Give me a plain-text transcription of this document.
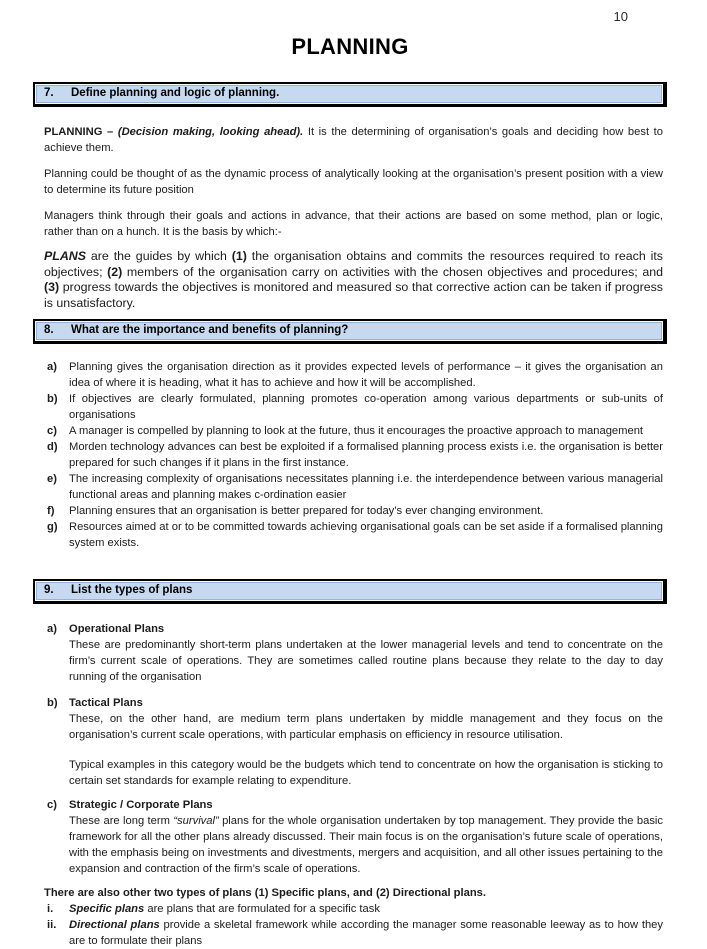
10
PLANNING
7.	Define planning and logic of planning.

PLANNING – (Decision making, looking ahead). It is the determining of organisation’s goals and deciding how best to achieve them.

Planning could be thought of as the dynamic process of analytically looking at the organisation’s present position with a view to determine its future position

Managers think through their goals and actions in advance, that their actions are based on some method, plan or logic, rather than on a hunch. It is the basis by which:-

PLANS are the guides by which (1) the organisation obtains and commits the resources required to reach its objectives; (2) members of the organisation carry on activities with the chosen objectives and procedures; and (3) progress towards the objectives is monitored and measured so that corrective action can be taken if progress is unsatisfactory.

8.	What are the importance and benefits of planning?
a)	Planning gives the organisation direction as it provides expected levels of performance – it gives the organisation an idea of where it is heading, what it has to achieve and how it will be accomplished.
b)	If objectives are clearly formulated, planning promotes co-operation among various departments or sub-units of organisations
c)	A manager is compelled by planning to look at the future, thus it encourages the proactive approach to management
d)	Morden technology advances can best be exploited if a formalised planning process exists i.e. the organisation is better prepared for such changes if it plans in the first instance.
e)	The increasing complexity of organisations necessitates planning i.e. the interdependence between various managerial functional areas and planning makes c-ordination easier
f)	Planning ensures that an organisation is better prepared for today’s ever changing environment.
g)	Resources aimed at or to be committed towards achieving organisational goals can be set aside if a formalised planning system exists.
9.	List the types of plans
a)	Operational Plans

These are predominantly short-term plans undertaken at the lower managerial levels and tend to concentrate on the firm’s current scale of operations. They are sometimes called routine plans because they relate to the day to day running of the organisation

b)	Tactical Plans

These, on the other hand, are medium term plans undertaken by middle management and they focus on the organisation’s current scale operations, with particular emphasis on efficiency in resource utilisation.

Typical examples in this category would be the budgets which tend to concentrate on how the organisation is sticking to certain set standards for example relating to expenditure.

c)	Strategic / Corporate Plans

These are long term “survival” plans for the whole organisation undertaken by top management. They provide the basic framework for all the other plans already discussed. Their main focus is on the organisation’s future scale of operations, with the emphasis being on investments and divestments, mergers and acquisition, and all other issues pertaining to the expansion and contraction of the firm’s scale of operations.

There are also other two types of plans (1) Specific plans, and (2) Directional plans.

i.	Specific plans are plans that are formulated for a specific task
ii.	Directional plans provide a skeletal framework while according the manager some reasonable leeway as to how they are to formulate their plans
